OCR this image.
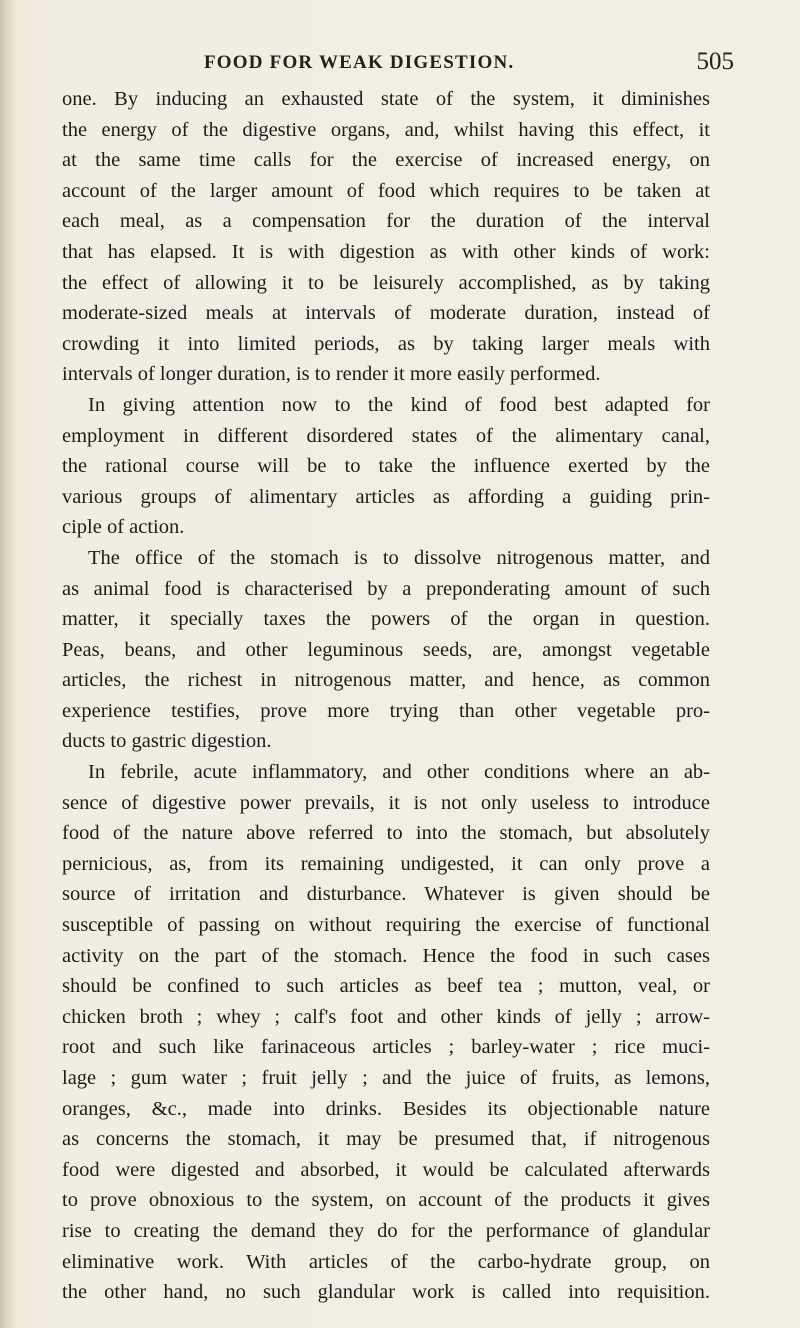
FOOD FOR WEAK DIGESTION.	505
one. By inducing an exhausted state of the system, it diminishes
the energy of the digestive organs, and, whilst having this effect, it
at the same time calls for the exercise of increased energy, on
account of the larger amount of food which requires to be taken at
each meal, as a compensation for the duration of the interval
that has elapsed. It is with digestion as with other kinds of work:
the effect of allowing it to be leisurely accomplished, as by taking
moderate-sized meals at intervals of moderate duration, instead of
crowding it into limited periods, as by taking larger meals with
intervals of longer duration, is to render it more easily performed.
In giving attention now to the kind of food best adapted for
employment in different disordered states of the alimentary canal,
the rational course will be to take the influence exerted by the
various groups of alimentary articles as affording a guiding prin-
ciple of action.
The office of the stomach is to dissolve nitrogenous matter, and
as animal food is characterised by a preponderating amount of such
matter, it specially taxes the powers of the organ in question.
Peas, beans, and other leguminous seeds, are, amongst vegetable
articles, the richest in nitrogenous matter, and hence, as common
experience testifies, prove more trying than other vegetable pro-
ducts to gastric digestion.
In febrile, acute inflammatory, and other conditions where an ab-
sence of digestive power prevails, it is not only useless to introduce
food of the nature above referred to into the stomach, but absolutely
pernicious, as, from its remaining undigested, it can only prove a
source of irritation and disturbance. Whatever is given should be
susceptible of passing on without requiring the exercise of functional
activity on the part of the stomach. Hence the food in such cases
should be confined to such articles as beef tea ; mutton, veal, or
chicken broth ; whey ; calf's foot and other kinds of jelly ; arrow-
root and such like farinaceous articles ; barley-water ; rice muci-
lage ; gum water ; fruit jelly ; and the juice of fruits, as lemons,
oranges, &c., made into drinks. Besides its objectionable nature
as concerns the stomach, it may be presumed that, if nitrogenous
food were digested and absorbed, it would be calculated afterwards
to prove obnoxious to the system, on account of the products it gives
rise to creating the demand they do for the performance of glandular
eliminative work. With articles of the carbo-hydrate group, on
the other hand, no such glandular work is called into requisition.
